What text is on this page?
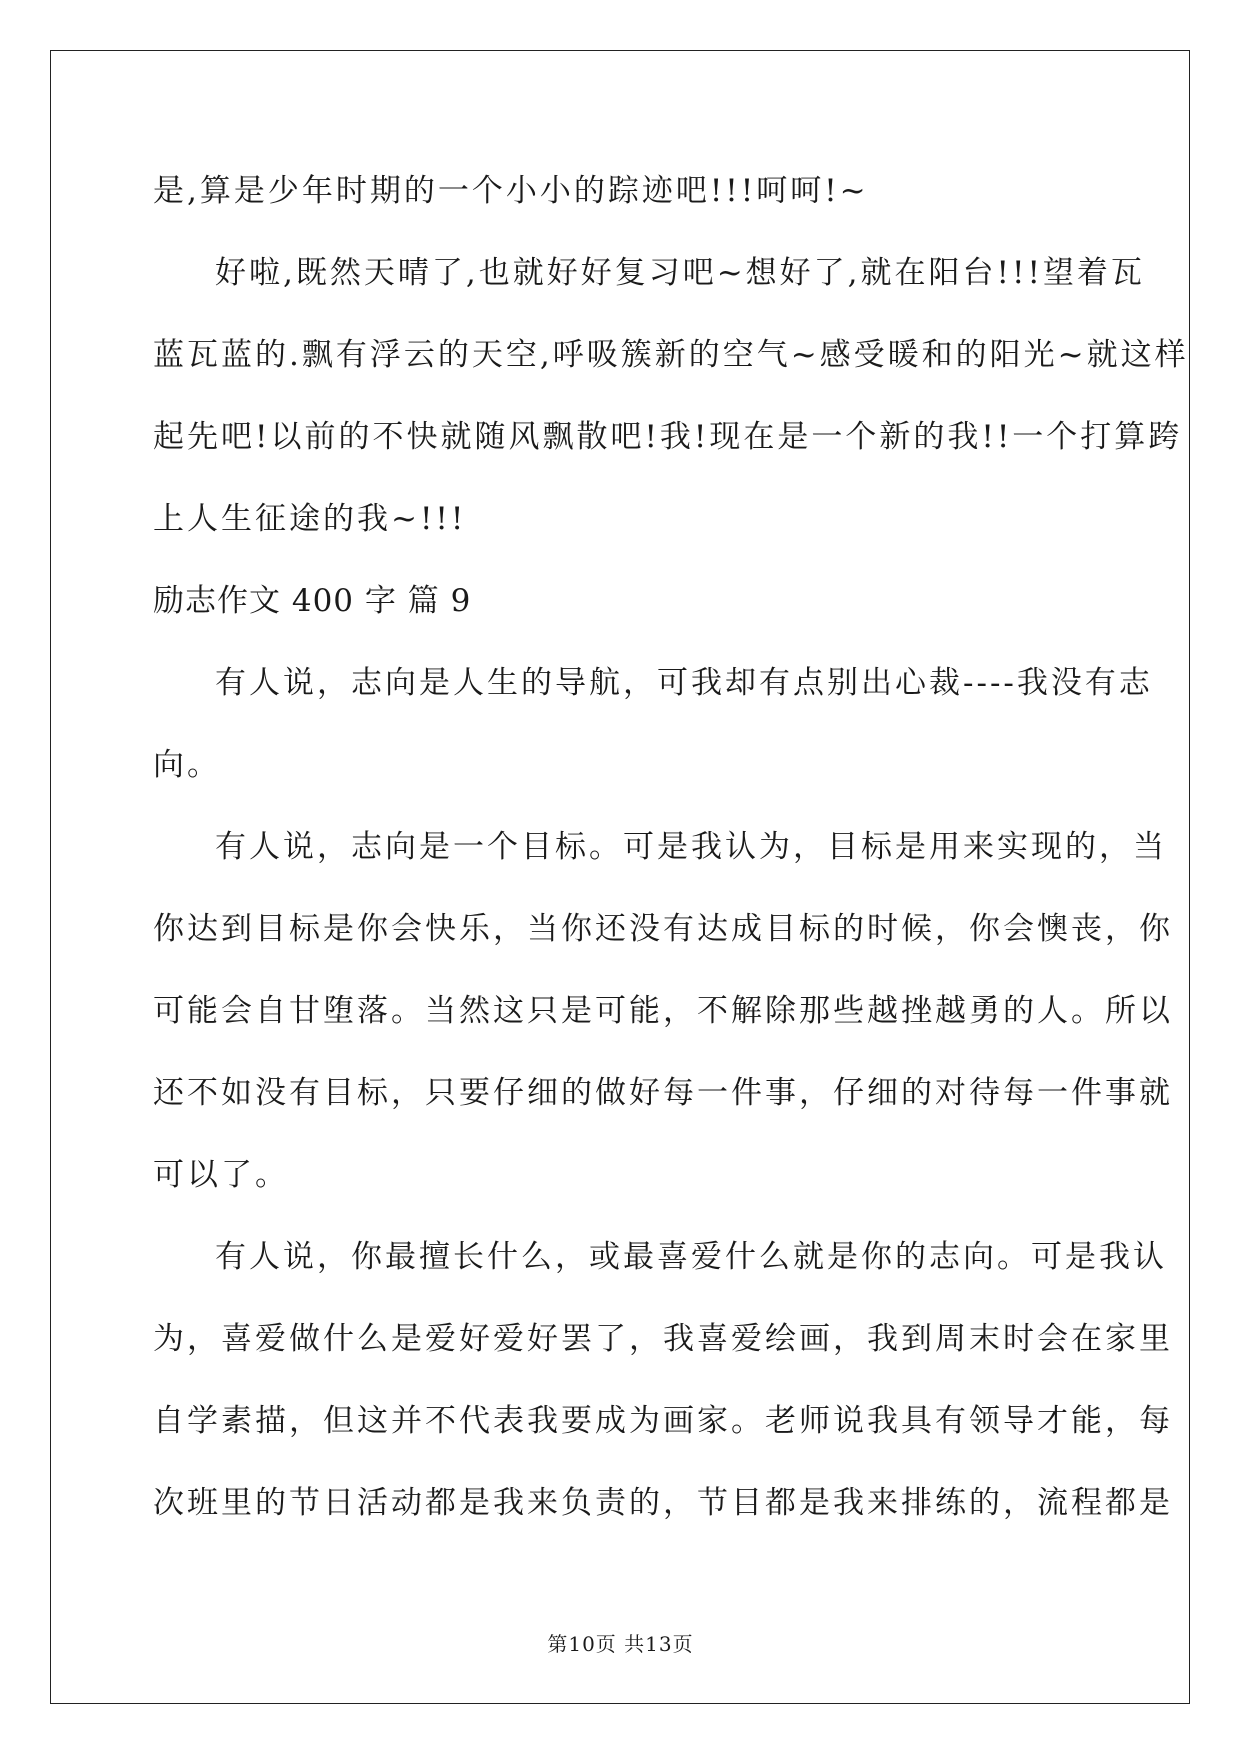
是,算是少年时期的一个小小的踪迹吧!!!呵呵!~
好啦,既然天晴了,也就好好复习吧~想好了,就在阳台!!!望着瓦
蓝瓦蓝的.飘有浮云的天空,呼吸簇新的空气~感受暖和的阳光~就这样
起先吧!以前的不快就随风飘散吧!我!现在是一个新的我!!一个打算跨
上人生征途的我~!!!
励志作文 400 字 篇 9
有人说，志向是人生的导航，可我却有点别出心裁----我没有志
向。
有人说，志向是一个目标。可是我认为，目标是用来实现的，当
你达到目标是你会快乐，当你还没有达成目标的时候，你会懊丧，你
可能会自甘堕落。当然这只是可能，不解除那些越挫越勇的人。所以
还不如没有目标，只要仔细的做好每一件事，仔细的对待每一件事就
可以了。
有人说，你最擅长什么，或最喜爱什么就是你的志向。可是我认
为，喜爱做什么是爱好爱好罢了，我喜爱绘画，我到周末时会在家里
自学素描，但这并不代表我要成为画家。老师说我具有领导才能，每
次班里的节日活动都是我来负责的，节目都是我来排练的，流程都是
第10页 共13页
